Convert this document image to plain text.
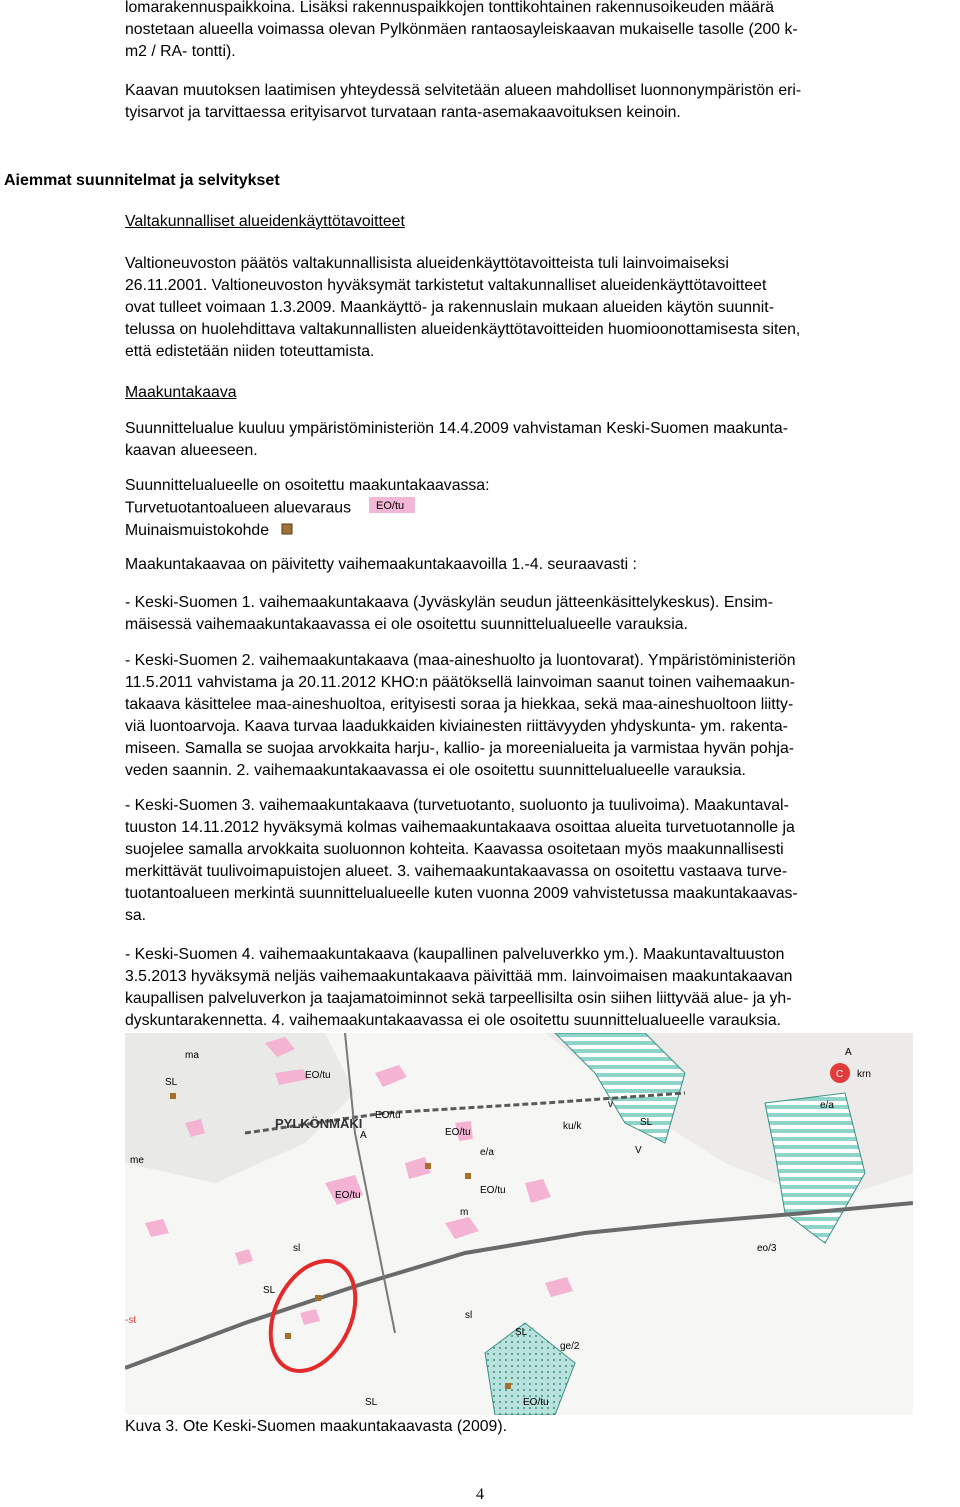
lomarakennuspaikkoina. Lisäksi rakennuspaikkojen tonttikohtainen rakennusoikeuden määrä
nostetaan alueella voimassa olevan Pylkönmäen rantaosayleiskaavan mukaiselle tasolle (200 k-
m2 / RA- tontti).
Kaavan muutoksen laatimisen yhteydessä selvitetään alueen mahdolliset luonnonympäristön eri-
tyisarvot ja tarvittaessa erityisarvot turvataan ranta-asemakaavoituksen keinoin.
Aiemmat suunnitelmat ja selvitykset
Valtakunnalliset alueidenkäyttötavoitteet
Valtioneuvoston päätös valtakunnallisista alueidenkäyttötavoitteista tuli lainvoimaiseksi
26.11.2001. Valtioneuvoston hyväksymät tarkistetut valtakunnalliset alueidenkäyttötavoitteet
ovat tulleet voimaan 1.3.2009. Maankäyttö- ja rakennuslain mukaan alueiden käytön suunnit-
telussa on huolehdittava valtakunnallisten alueidenkäyttötavoitteiden huomioonottamisesta siten,
että edistetään niiden toteuttamista.
Maakuntakaava
Suunnittelualue kuuluu ympäristöministeriön 14.4.2009 vahvistaman Keski-Suomen maakunta-
kaavan alueeseen.
Suunnittelualueelle on osoitettu maakuntakaavassa:
Turvetuotantoalueen aluevaraus EO/tu
Muinaismuistokohde
Maakuntakaavaa on päivitetty vaihemaakuntakaavoilla 1.-4. seuraavasti :
- Keski-Suomen 1. vaihemaakuntakaava (Jyväskylän seudun jätteenkäsittelykeskus). Ensim-
mäisessä vaihemaakuntakaavassa ei ole osoitettu suunnittelualueelle varauksia.
- Keski-Suomen 2. vaihemaakuntakaava (maa-aineshuolto ja luontovarat). Ympäristöministeriön
11.5.2011 vahvistama ja 20.11.2012 KHO:n päätöksellä lainvoiman saanut toinen vaihemaakun-
takaava käsittelee maa-aineshuoltoa, erityisesti soraa ja hiekkaa, sekä maa-aineshuoltoon liitty-
viä luontoarvoja. Kaava turvaa laadukkaiden kiviainesten riittävyyden yhdyskunta- ym. rakenta-
miseen. Samalla se suojaa arvokkaita harju-, kallio- ja moreenialueita ja varmistaa hyvän pohja-
veden saannin. 2. vaihemaakuntakaavassa ei ole osoitettu suunnittelualueelle varauksia.
- Keski-Suomen 3. vaihemaakuntakaava (turvetuotanto, suoluonto ja tuulivoima). Maakuntaval-
tuuston 14.11.2012 hyväksymä kolmas vaihemaakuntakaava osoittaa alueita turvetuotannolle ja
suojelee samalla arvokkaita suoluonnon kohteita. Kaavassa osoitetaan myös maakunnallisesti
merkittävät tuulivoimapuistojen alueet. 3. vaihemaakuntakaavassa on osoitettu vastaava turve-
tuotantoalueen merkintä suunnittelualueelle kuten vuonna 2009 vahvistetussa maakuntakaavas-
sa.
- Keski-Suomen 4. vaihemaakuntakaava (kaupallinen palveluverkko ym.). Maakuntavaltuuston
3.5.2013 hyväksymä neljäs vaihemaakuntakaava päivittää mm. lainvoimaisen maakuntakaavan
kaupallisen palveluverkon ja taajamatoiminnot sekä tarpeellisilta osin siihen liittyvää alue- ja yh-
dyskuntarakennetta. 4. vaihemaakuntakaavassa ei ole osoitettu suunnittelualueelle varauksia.
PYLKÖNMÄKI
SL
EO/tu
EO/tu
EO/tu
EO/tu	EO/tu
e/a
ma
me
m
v
V
ku/k	SL
A
A
C krn
e/a
eo/3
sl
SL
sl
SL
ge/2
SL	EO/tu
-st
Kuva 3. Ote Keski-Suomen maakuntakaavasta (2009).
4
